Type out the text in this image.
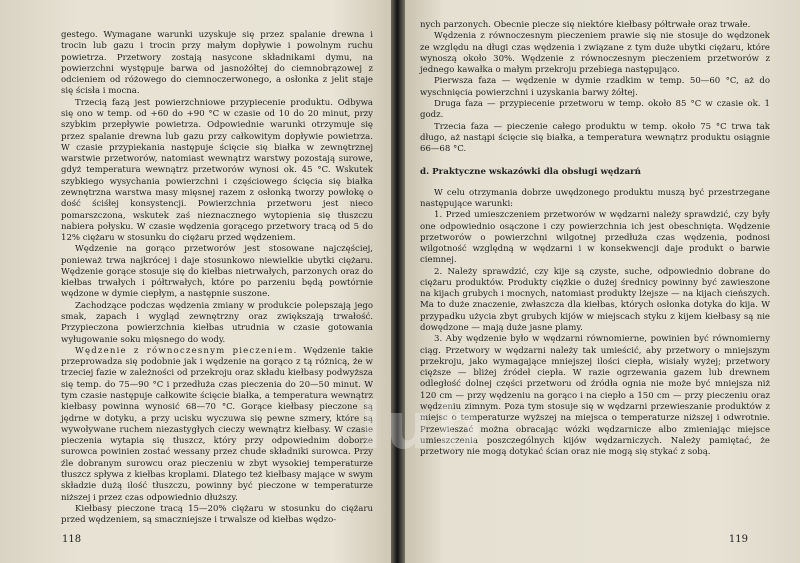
gestego. Wymagane warunki uzyskuje się przez spalanie drewna i trocin lub gazu i trocin przy małym dopływie i powolnym ruchu powietrza. Przetwory zostają nasycone składnikami dymu, na powierzchni występuje barwa od jasnożółtej do ciemnobrązowej z odcieniem od różowego do ciemnoczerwonego, a osłonka z jelit staje się ścisła i mocna.

Trzecią fazą jest powierzchniowe przypiecenie produktu. Odbywa się ono w temp. od +60 do +90 °C w czasie od 10 do 20 minut, przy szybkim przepływie powietrza. Odpowiednie warunki otrzymuje się przez spalanie drewna lub gazu przy całkowitym dopływie powietrza. W czasie przypiekania następuje ścięcie się białka w zewnętrznej warstwie przetworów, natomiast wewnątrz warstwy pozostają surowe, gdyż temperatura wewnątrz przetworów wynosi ok. 45 °C. Wskutek szybkiego wysychania powierzchni i częściowego ścięcia się białka zewnętrzna warstwa masy mięsnej razem z osłonką tworzy powłokę o dość ściśłej konsystencji. Powierzchnia przetworu jest nieco pomarszczona, wskutek zaś nieznacznego wytopienia się tłuszczu nabiera połysku. W czasie wędzenia gorącego przetwory tracą od 5 do 12% ciężaru w stosunku do ciężaru przed wędzeniem.

Wędzenie na gorąco przetworów jest stosowane najczęściej, ponieważ trwa najkrócej i daje stosunkowo niewielkie ubytki ciężaru. Wędzenie gorące stosuje się do kiełbas nietrwałych, parzonych oraz do kiełbas trwałych i półtrwałych, które po parzeniu będą powtórnie wędzone w dymie ciepłym, a następnie suszone.

Zachodzące podczas wędzenia zmiany w produkcie polepszają jego smak, zapach i wygląd zewnętrzny oraz zwiększają trwałość. Przypieczona powierzchnia kiełbas utrudnia w czasie gotowania wyługowanie soku mięsnego do wody.

Wędzenie z równoczesnym pieczeniem. Wędzenie takie przeprowadza się podobnie jak i wędzenie na gorąco z tą różnicą, że w trzeciej fazie w zależności od przekroju oraz składu kiełbasy podwyższa się temp. do 75—90 °C i przedłuża czas pieczenia do 20—50 minut. W tym czasie następuje całkowite ścięcie białka, a temperatura wewnątrz kiełbasy powinna wynosić 68—70 °C. Gorące kiełbasy pieczone są jędrne w dotyku, a przy ucisku wyczuwa się pewne szmery, które są wywoływane ruchem niezastygłych cieczy wewnątrz kiełbasy. W czasie pieczenia wytapia się tłuszcz, który przy odpowiednim doborze surowca powinien zostać wessany przez chude składniki surowca. Przy źle dobranym surowcu oraz pieczeniu w zbyt wysokiej temperaturze tłuszcz spływa z kiełbas kroplami. Dlatego też kiełbasy mające w swym składzie dużą ilość tłuszczu, powinny być pieczone w temperaturze niższej i przez czas odpowiednio dłuższy.

Kiełbasy pieczone tracą 15—20% ciężaru w stosunku do ciężaru przed wędzeniem, są smaczniejsze i trwalsze od kiełbas wędzo-

118

nych parzonych. Obecnie piecze się niektóre kiełbasy półtrwałe oraz trwałe.

Wędzenia z równoczesnym pieczeniem prawie się nie stosuje do wędzonek ze względu na długi czas wędzenia i związane z tym duże ubytki ciężaru, które wynoszą około 30%. Wędzenie z równoczesnym pieczeniem przetworów z jednego kawałka o małym przekroju przebiega następująco.

Pierwsza faza — wędzenie w dymie rzadkim w temp. 50—60 °C, aż do wyschnięcia powierzchni i uzyskania barwy żółtej.

Druga faza — przypiecenie przetworu w temp. około 85 °C w czasie ok. 1 godz.

Trzecia faza — pieczenie całego produktu w temp. około 75 °C trwa tak długo, aż nastąpi ścięcie się białka, a temperatura wewnątrz produktu osiągnie 66—68 °C.

d. Praktyczne wskazówki dla obsługi wędzarń

W celu otrzymania dobrze uwędzonego produktu muszą być przestrzegane następujące warunki:

1. Przed umieszczeniem przetworów w wędzarni należy sprawdzić, czy były one odpowiednio osączone i czy powierzchnia ich jest obeschnięta. Wędzenie przetworów o powierzchni wilgotnej przedłuża czas wędzenia, podnosi wilgotność względną w wędzarni i w konsekwencji daje produkt o barwie ciemnej.

2. Należy sprawdzić, czy kije są czyste, suche, odpowiednio dobrane do ciężaru produktów. Produkty ciężkie o dużej średnicy powinny być zawieszone na kijach grubych i mocnych, natomiast produkty lżejsze — na kijach cieńszych. Ma to duże znaczenie, zwłaszcza dla kiełbas, których osłonka dotyka do kija. W przypadku użycia zbyt grubych kijów w miejscach styku z kijem kiełbasy są nie dowędzone — mają duże jasne plamy.

3. Aby wędzenie było w wędzarni równomierne, powinien być równomierny ciąg. Przetwory w wędzarni należy tak umieścić, aby przetwory o mniejszym przekroju, jako wymagające mniejszej ilości ciepła, wisiały wyżej; przetwory cięższe — bliżej źródeł ciepła. W razie ogrzewania gazem lub drewnem odległość dolnej części przetworu od źródła ognia nie może być mniejsza niż 120 cm — przy wędzeniu na gorąco i na ciepło a 150 cm — przy pieczeniu oraz wędzeniu zimnym. Poza tym stosuje się w wędzarni przewieszanie produktów z miejsc o temperaturze wyższej na miejsca o temperaturze niższej i odwrotnie. Przewieszać można obracając wózki wędzarnicze albo zmieniając miejsce umieszczenia poszczególnych kijów wędzarniczych. Należy pamiętać, że przetwory nie mogą dotykać ścian oraz nie mogą się stykać z sobą.

119
lub
